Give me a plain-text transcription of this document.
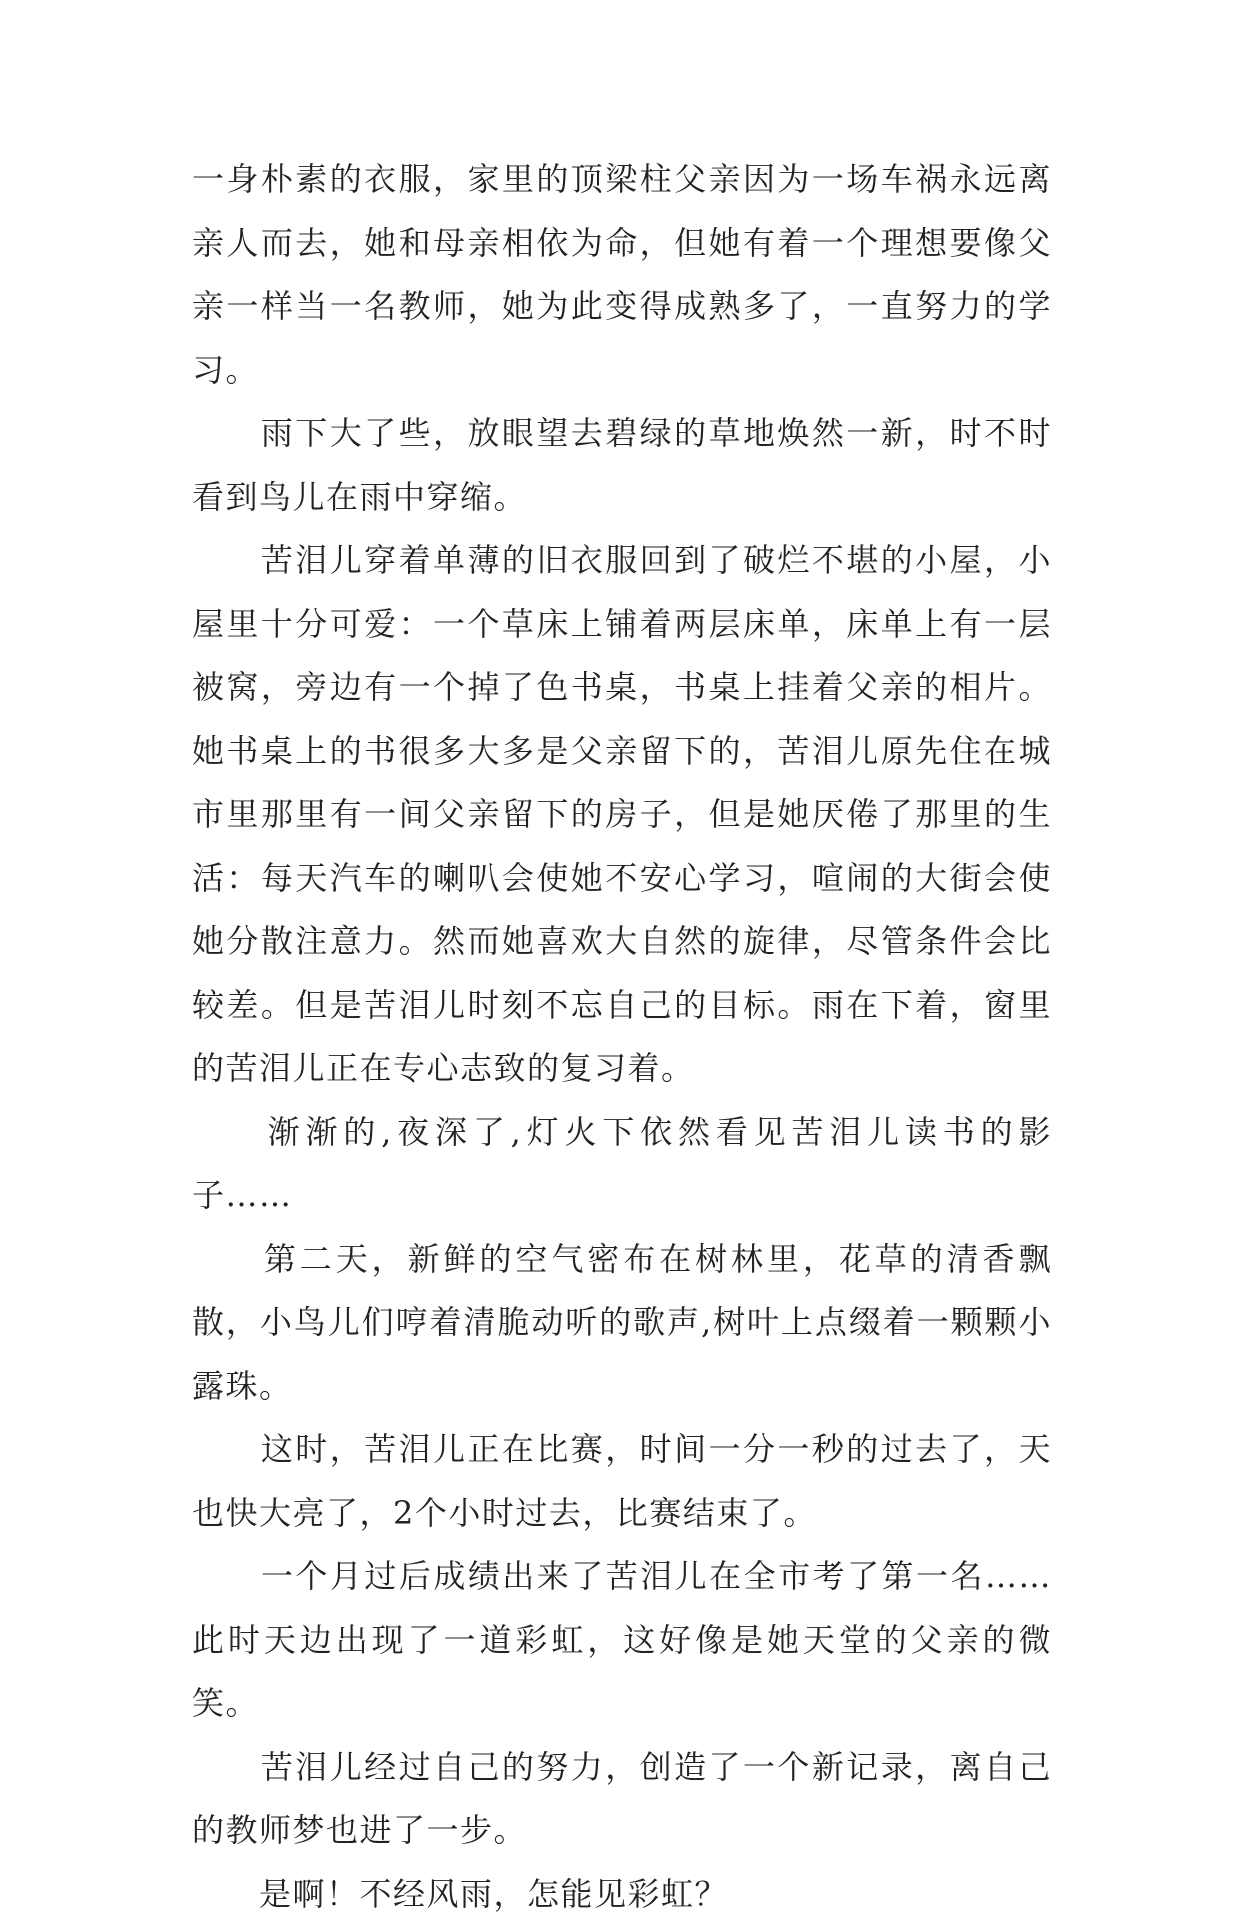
一身朴素的衣服，家里的顶梁柱父亲因为一场车祸永远离亲人而去，她和母亲相依为命，但她有着一个理想要像父亲一样当一名教师，她为此变得成熟多了，一直努力的学习。

　　雨下大了些，放眼望去碧绿的草地焕然一新，时不时看到鸟儿在雨中穿缩。

　　苦泪儿穿着单薄的旧衣服回到了破烂不堪的小屋，小屋里十分可爱：一个草床上铺着两层床单，床单上有一层被窝，旁边有一个掉了色书桌，书桌上挂着父亲的相片。她书桌上的书很多大多是父亲留下的，苦泪儿原先住在城市里那里有一间父亲留下的房子，但是她厌倦了那里的生活：每天汽车的喇叭会使她不安心学习，喧闹的大街会使她分散注意力。然而她喜欢大自然的旋律，尽管条件会比较差。但是苦泪儿时刻不忘自己的目标。雨在下着，窗里的苦泪儿正在专心志致的复习着。

　　渐渐的,夜深了,灯火下依然看见苦泪儿读书的影子……

　　第二天，新鲜的空气密布在树林里，花草的清香飘散，小鸟儿们哼着清脆动听的歌声,树叶上点缀着一颗颗小露珠。

　　这时，苦泪儿正在比赛，时间一分一秒的过去了，天也快大亮了，2个小时过去，比赛结束了。

　　一个月过后成绩出来了苦泪儿在全市考了第一名……此时天边出现了一道彩虹，这好像是她天堂的父亲的微笑。

　　苦泪儿经过自己的努力，创造了一个新记录，离自己的教师梦也进了一步。

　　是啊！不经风雨，怎能见彩虹？
